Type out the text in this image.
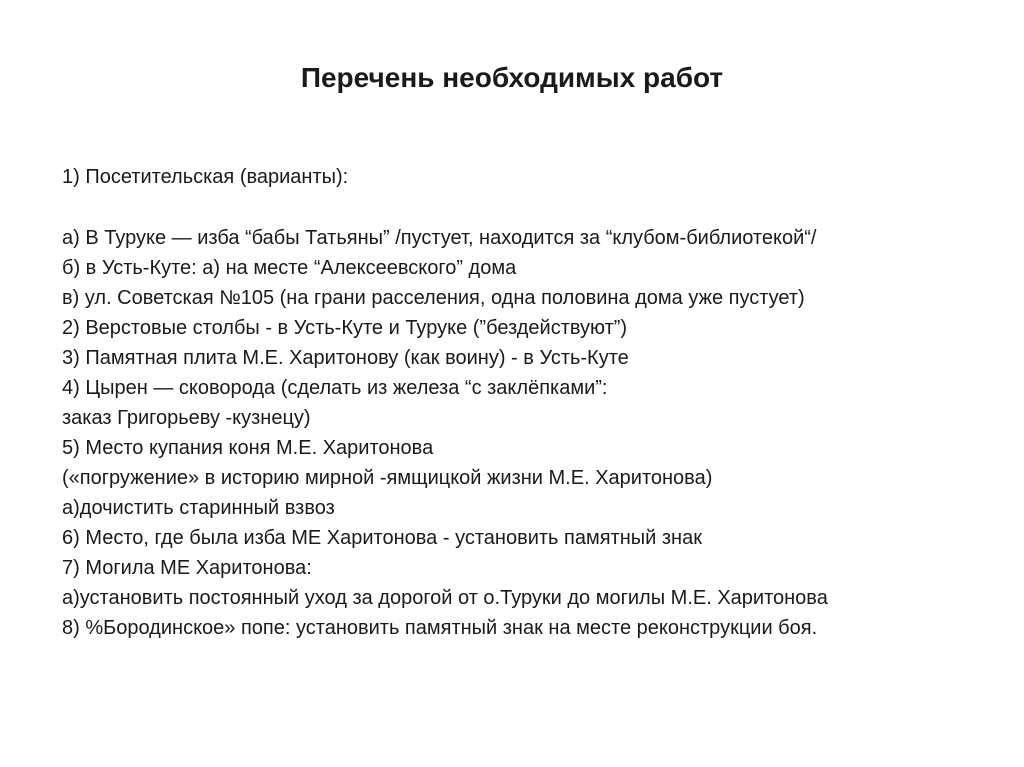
Перечень необходимых работ
1) Посетительская (варианты):
а) В Туруке — изба “бабы Татьяны” /пустует, находится за “клубом-библиотекой“/
б) в Усть-Куте: а) на месте “Алексеевского” дома
в) ул. Советская №105 (на грани расселения, одна половина дома уже пустует)
2) Верстовые столбы - в Усть-Куте и Туруке (”бездействуют”)
3) Памятная плита М.Е. Харитонову (как воину) - в Усть-Куте
4) Цырен — сковорода (сделать из железа “с заклёпками”:
заказ Григорьеву -кузнецу)
5) Место купания коня М.Е. Харитонова
(«погружение» в историю мирной -ямщицкой жизни М.Е. Харитонова)
а)дочистить старинный взвоз
6) Место, где была изба МЕ Харитонова - установить памятный знак
7) Могила МЕ Харитонова:
а)установить постоянный уход за дорогой от о.Туруки до могилы М.Е. Харитонова
8) %Бородинское» попе: установить памятный знак на месте реконструкции боя.
